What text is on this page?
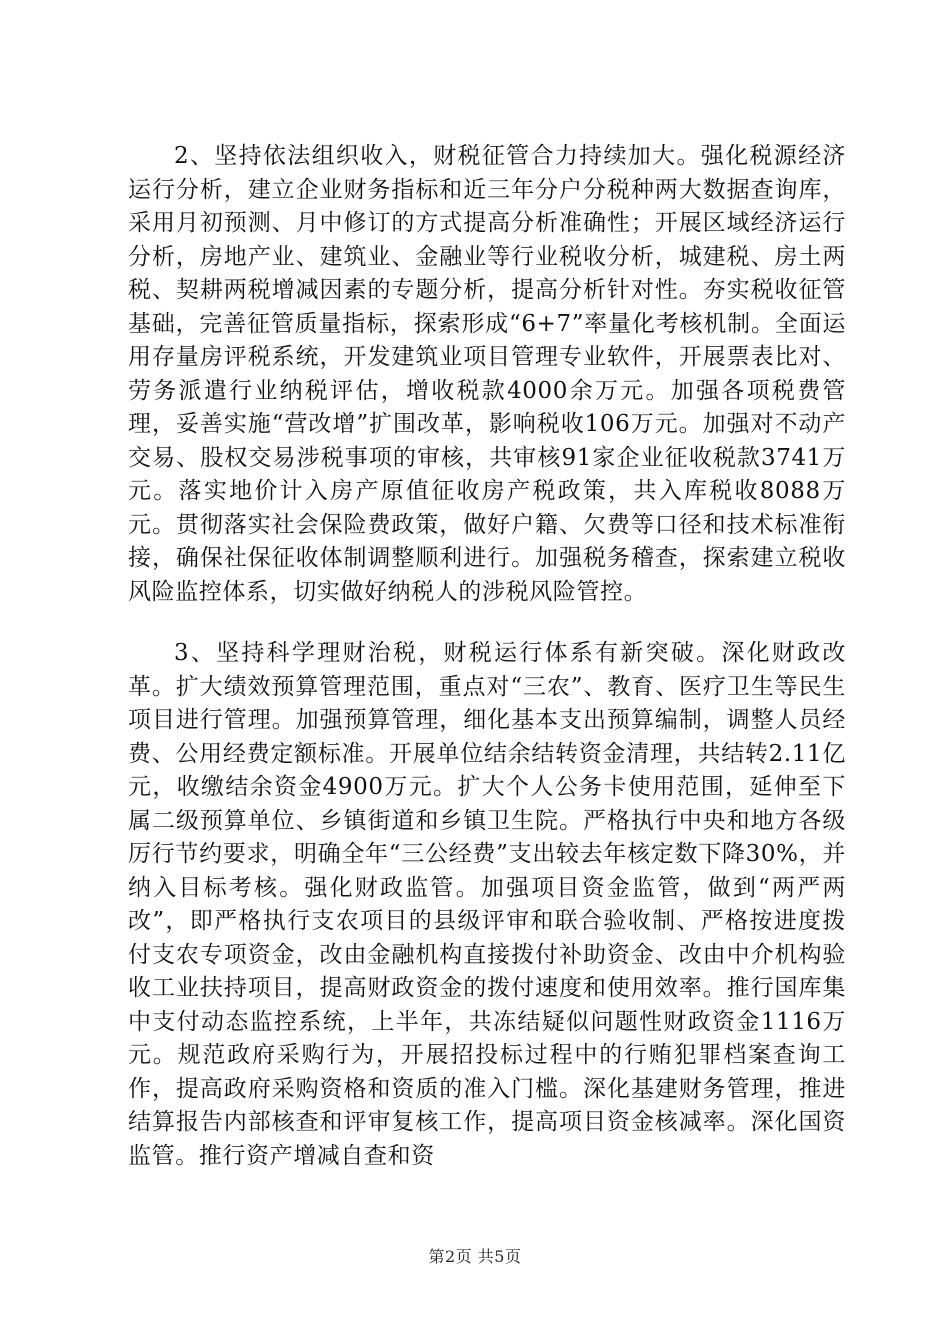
2、坚持依法组织收入，财税征管合力持续加大。强化税源经济运行分析，建立企业财务指标和近三年分户分税种两大数据查询库，采用月初预测、月中修订的方式提高分析准确性；开展区域经济运行分析，房地产业、建筑业、金融业等行业税收分析，城建税、房土两税、契耕两税增减因素的专题分析，提高分析针对性。夯实税收征管基础，完善征管质量指标，探索形成“6+7”率量化考核机制。全面运用存量房评税系统，开发建筑业项目管理专业软件，开展票表比对、劳务派遣行业纳税评估，增收税款4000余万元。加强各项税费管理，妥善实施“营改增”扩围改革，影响税收106万元。加强对不动产交易、股权交易涉税事项的审核，共审核91家企业征收税款3741万元。落实地价计入房产原值征收房产税政策，共入库税收8088万元。贯彻落实社会保险费政策，做好户籍、欠费等口径和技术标准衔接，确保社保征收体制调整顺利进行。加强税务稽查，探索建立税收风险监控体系，切实做好纳税人的涉税风险管控。

3、坚持科学理财治税，财税运行体系有新突破。深化财政改革。扩大绩效预算管理范围，重点对“三农”、教育、医疗卫生等民生项目进行管理。加强预算管理，细化基本支出预算编制，调整人员经费、公用经费定额标准。开展单位结余结转资金清理，共结转2.11亿元，收缴结余资金4900万元。扩大个人公务卡使用范围，延伸至下属二级预算单位、乡镇街道和乡镇卫生院。严格执行中央和地方各级厉行节约要求，明确全年“三公经费”支出较去年核定数下降30%，并纳入目标考核。强化财政监管。加强项目资金监管，做到“两严两改”，即严格执行支农项目的县级评审和联合验收制、严格按进度拨付支农专项资金，改由金融机构直接拨付补助资金、改由中介机构验收工业扶持项目，提高财政资金的拨付速度和使用效率。推行国库集中支付动态监控系统，上半年，共冻结疑似问题性财政资金1116万元。规范政府采购行为，开展招投标过程中的行贿犯罪档案查询工作，提高政府采购资格和资质的准入门槛。深化基建财务管理，推进结算报告内部核查和评审复核工作，提高项目资金核减率。深化国资监管。推行资产增减自查和资

第2页 共5页
